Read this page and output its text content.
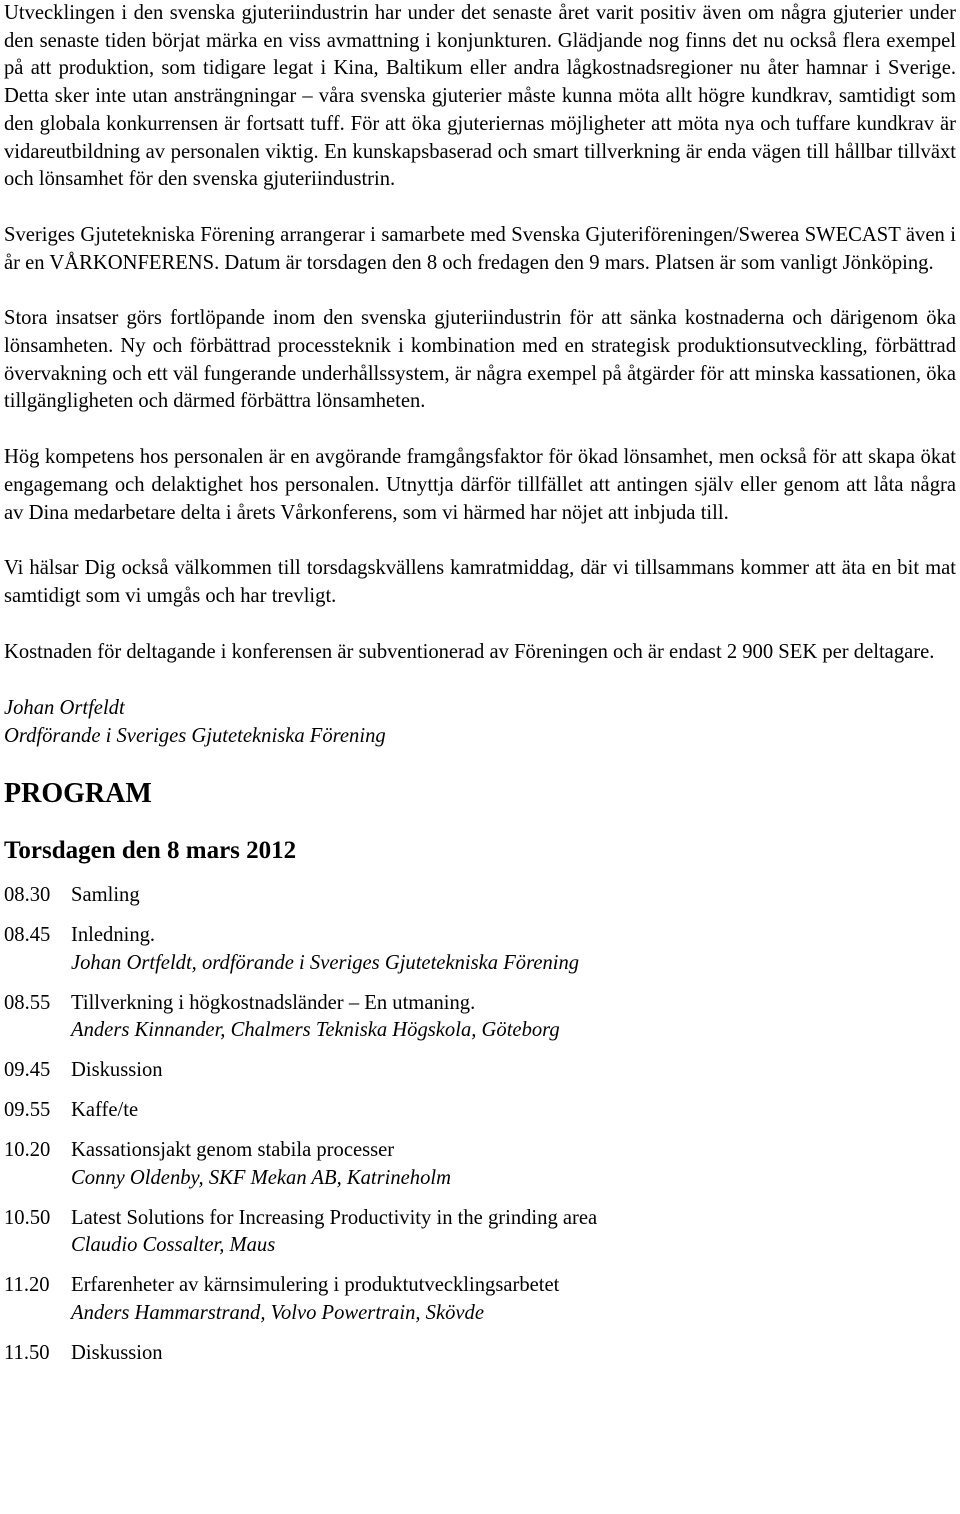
Utvecklingen i den svenska gjuteriindustrin har under det senaste året varit positiv även om några gjuterier under den senaste tiden börjat märka en viss avmattning i konjunkturen. Glädjande nog finns det nu också flera exempel på att produktion, som tidigare legat i Kina, Baltikum eller andra lågkostnadsregioner nu åter hamnar i Sverige. Detta sker inte utan ansträngningar – våra svenska gjuterier måste kunna möta allt högre kundkrav, samtidigt som den globala konkurrensen är fortsatt tuff. För att öka gjuteriernas möjligheter att möta nya och tuffare kundkrav är vidareutbildning av personalen viktig. En kunskapsbaserad och smart tillverkning är enda vägen till hållbar tillväxt och lönsamhet för den svenska gjuteriindustrin.

Sveriges Gjutetekniska Förening arrangerar i samarbete med Svenska Gjuteriföreningen/Swerea SWECAST även i år en VÅRKONFERENS. Datum är torsdagen den 8 och fredagen den 9 mars. Platsen är som vanligt Jönköping.

Stora insatser görs fortlöpande inom den svenska gjuteriindustrin för att sänka kostnaderna och därigenom öka lönsamheten. Ny och förbättrad processteknik i kombination med en strategisk produktionsutveckling, förbättrad övervakning och ett väl fungerande underhållssystem, är några exempel på åtgärder för att minska kassationen, öka tillgängligheten och därmed förbättra lönsamheten.

Hög kompetens hos personalen är en avgörande framgångsfaktor för ökad lönsamhet, men också för att skapa ökat engagemang och delaktighet hos personalen. Utnyttja därför tillfället att antingen själv eller genom att låta några av Dina medarbetare delta i årets Vårkonferens, som vi härmed har nöjet att inbjuda till.

Vi hälsar Dig också välkommen till torsdagskvällens kamratmiddag, där vi tillsammans kommer att äta en bit mat samtidigt som vi umgås och har trevligt.

Kostnaden för deltagande i konferensen är subventionerad av Föreningen och är endast 2 900 SEK per deltagare.

Johan Ortfeldt
Ordförande i Sveriges Gjutetekniska Förening
PROGRAM
Torsdagen den 8 mars 2012
08.30	Samling
08.45	Inledning.
Johan Ortfeldt, ordförande i Sveriges Gjutetekniska Förening
08.55	Tillverkning i högkostnadsländer – En utmaning.
Anders Kinnander, Chalmers Tekniska Högskola, Göteborg
09.45	Diskussion
09.55	Kaffe/te
10.20	Kassationsjakt genom stabila processer
Conny Oldenby, SKF Mekan AB, Katrineholm
10.50	Latest Solutions for Increasing Productivity in the grinding area
Claudio Cossalter, Maus
11.20	Erfarenheter av kärnsimulering i produktutvecklingsarbetet
Anders Hammarstrand, Volvo Powertrain, Skövde
11.50	Diskussion
